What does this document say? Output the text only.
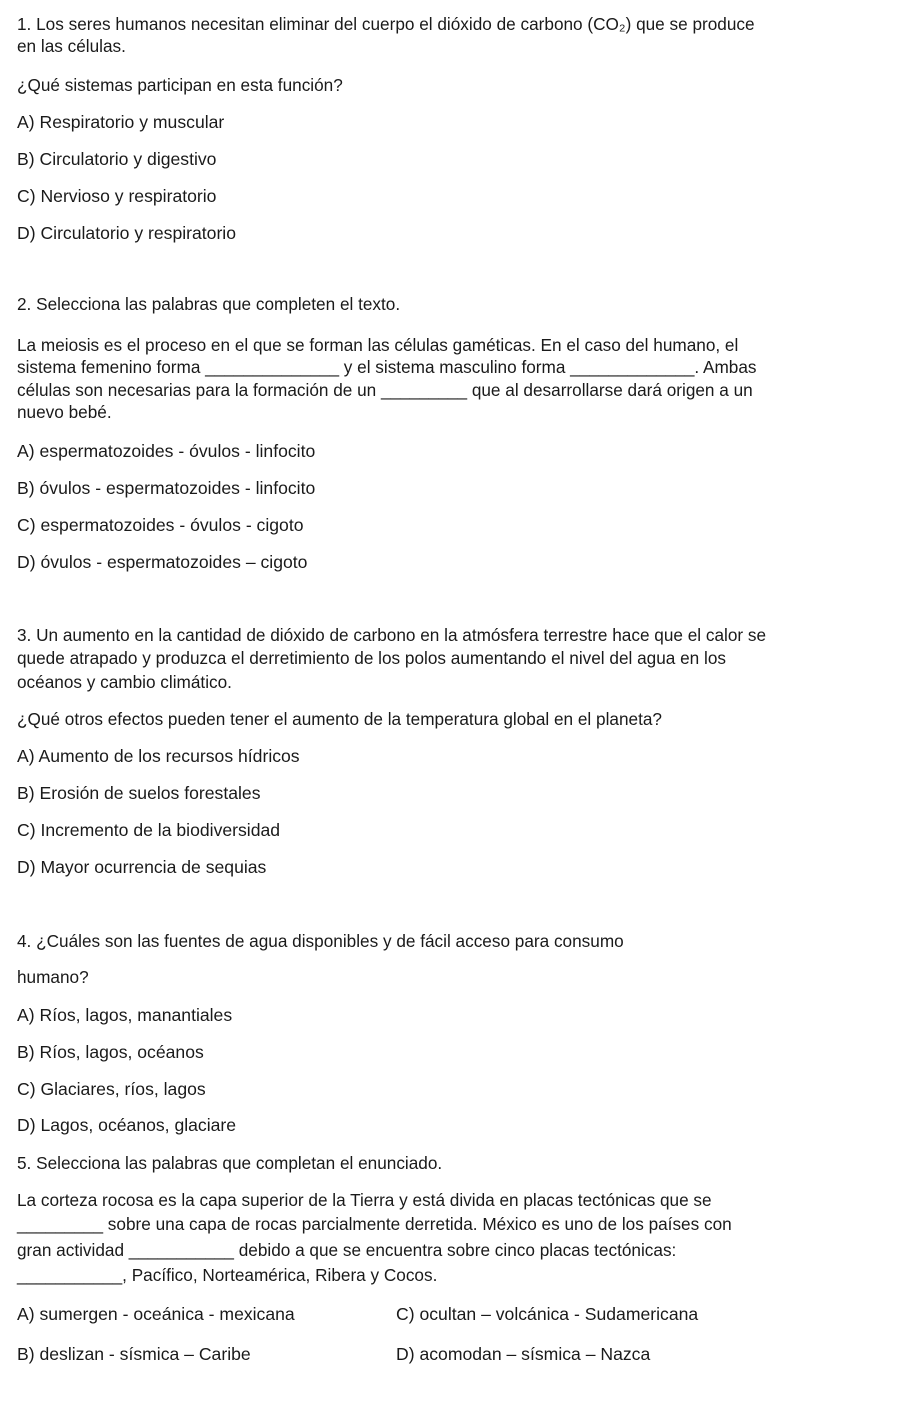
1. Los seres humanos necesitan eliminar del cuerpo el dióxido de carbono (CO₂) que se produce
en las células.
¿Qué sistemas participan en esta función?
A) Respiratorio y muscular
B) Circulatorio y digestivo
C) Nervioso y respiratorio
D) Circulatorio y respiratorio
2. Selecciona las palabras que completen el texto.
La meiosis es el proceso en el que se forman las células gaméticas. En el caso del humano, el
sistema femenino forma ______________ y el sistema masculino forma _____________. Ambas
células son necesarias para la formación de un _________ que al desarrollarse dará origen a un
nuevo bebé.
A) espermatozoides - óvulos - linfocito
B) óvulos - espermatozoides - linfocito
C) espermatozoides - óvulos - cigoto
D) óvulos - espermatozoides – cigoto
3. Un aumento en la cantidad de dióxido de carbono en la atmósfera terrestre hace que el calor se
quede atrapado y produzca el derretimiento de los polos aumentando el nivel del agua en los
océanos y cambio climático.
¿Qué otros efectos pueden tener el aumento de la temperatura global en el planeta?
A) Aumento de los recursos hídricos
B) Erosión de suelos forestales
C) Incremento de la biodiversidad
D) Mayor ocurrencia de sequias
4. ¿Cuáles son las fuentes de agua disponibles y de fácil acceso para consumo
humano?
A) Ríos, lagos, manantiales
B) Ríos, lagos, océanos
C) Glaciares, ríos, lagos
D) Lagos, océanos, glaciare
5. Selecciona las palabras que completan el enunciado.
La corteza rocosa es la capa superior de la Tierra y está divida en placas tectónicas que se
_________ sobre una capa de rocas parcialmente derretida. México es uno de los países con
gran actividad ___________ debido a que se encuentra sobre cinco placas tectónicas:
___________, Pacífico, Norteamérica, Ribera y Cocos.
A) sumergen - oceánica - mexicana	C) ocultan – volcánica - Sudamericana
B) deslizan - sísmica – Caribe	D) acomodan – sísmica – Nazca
